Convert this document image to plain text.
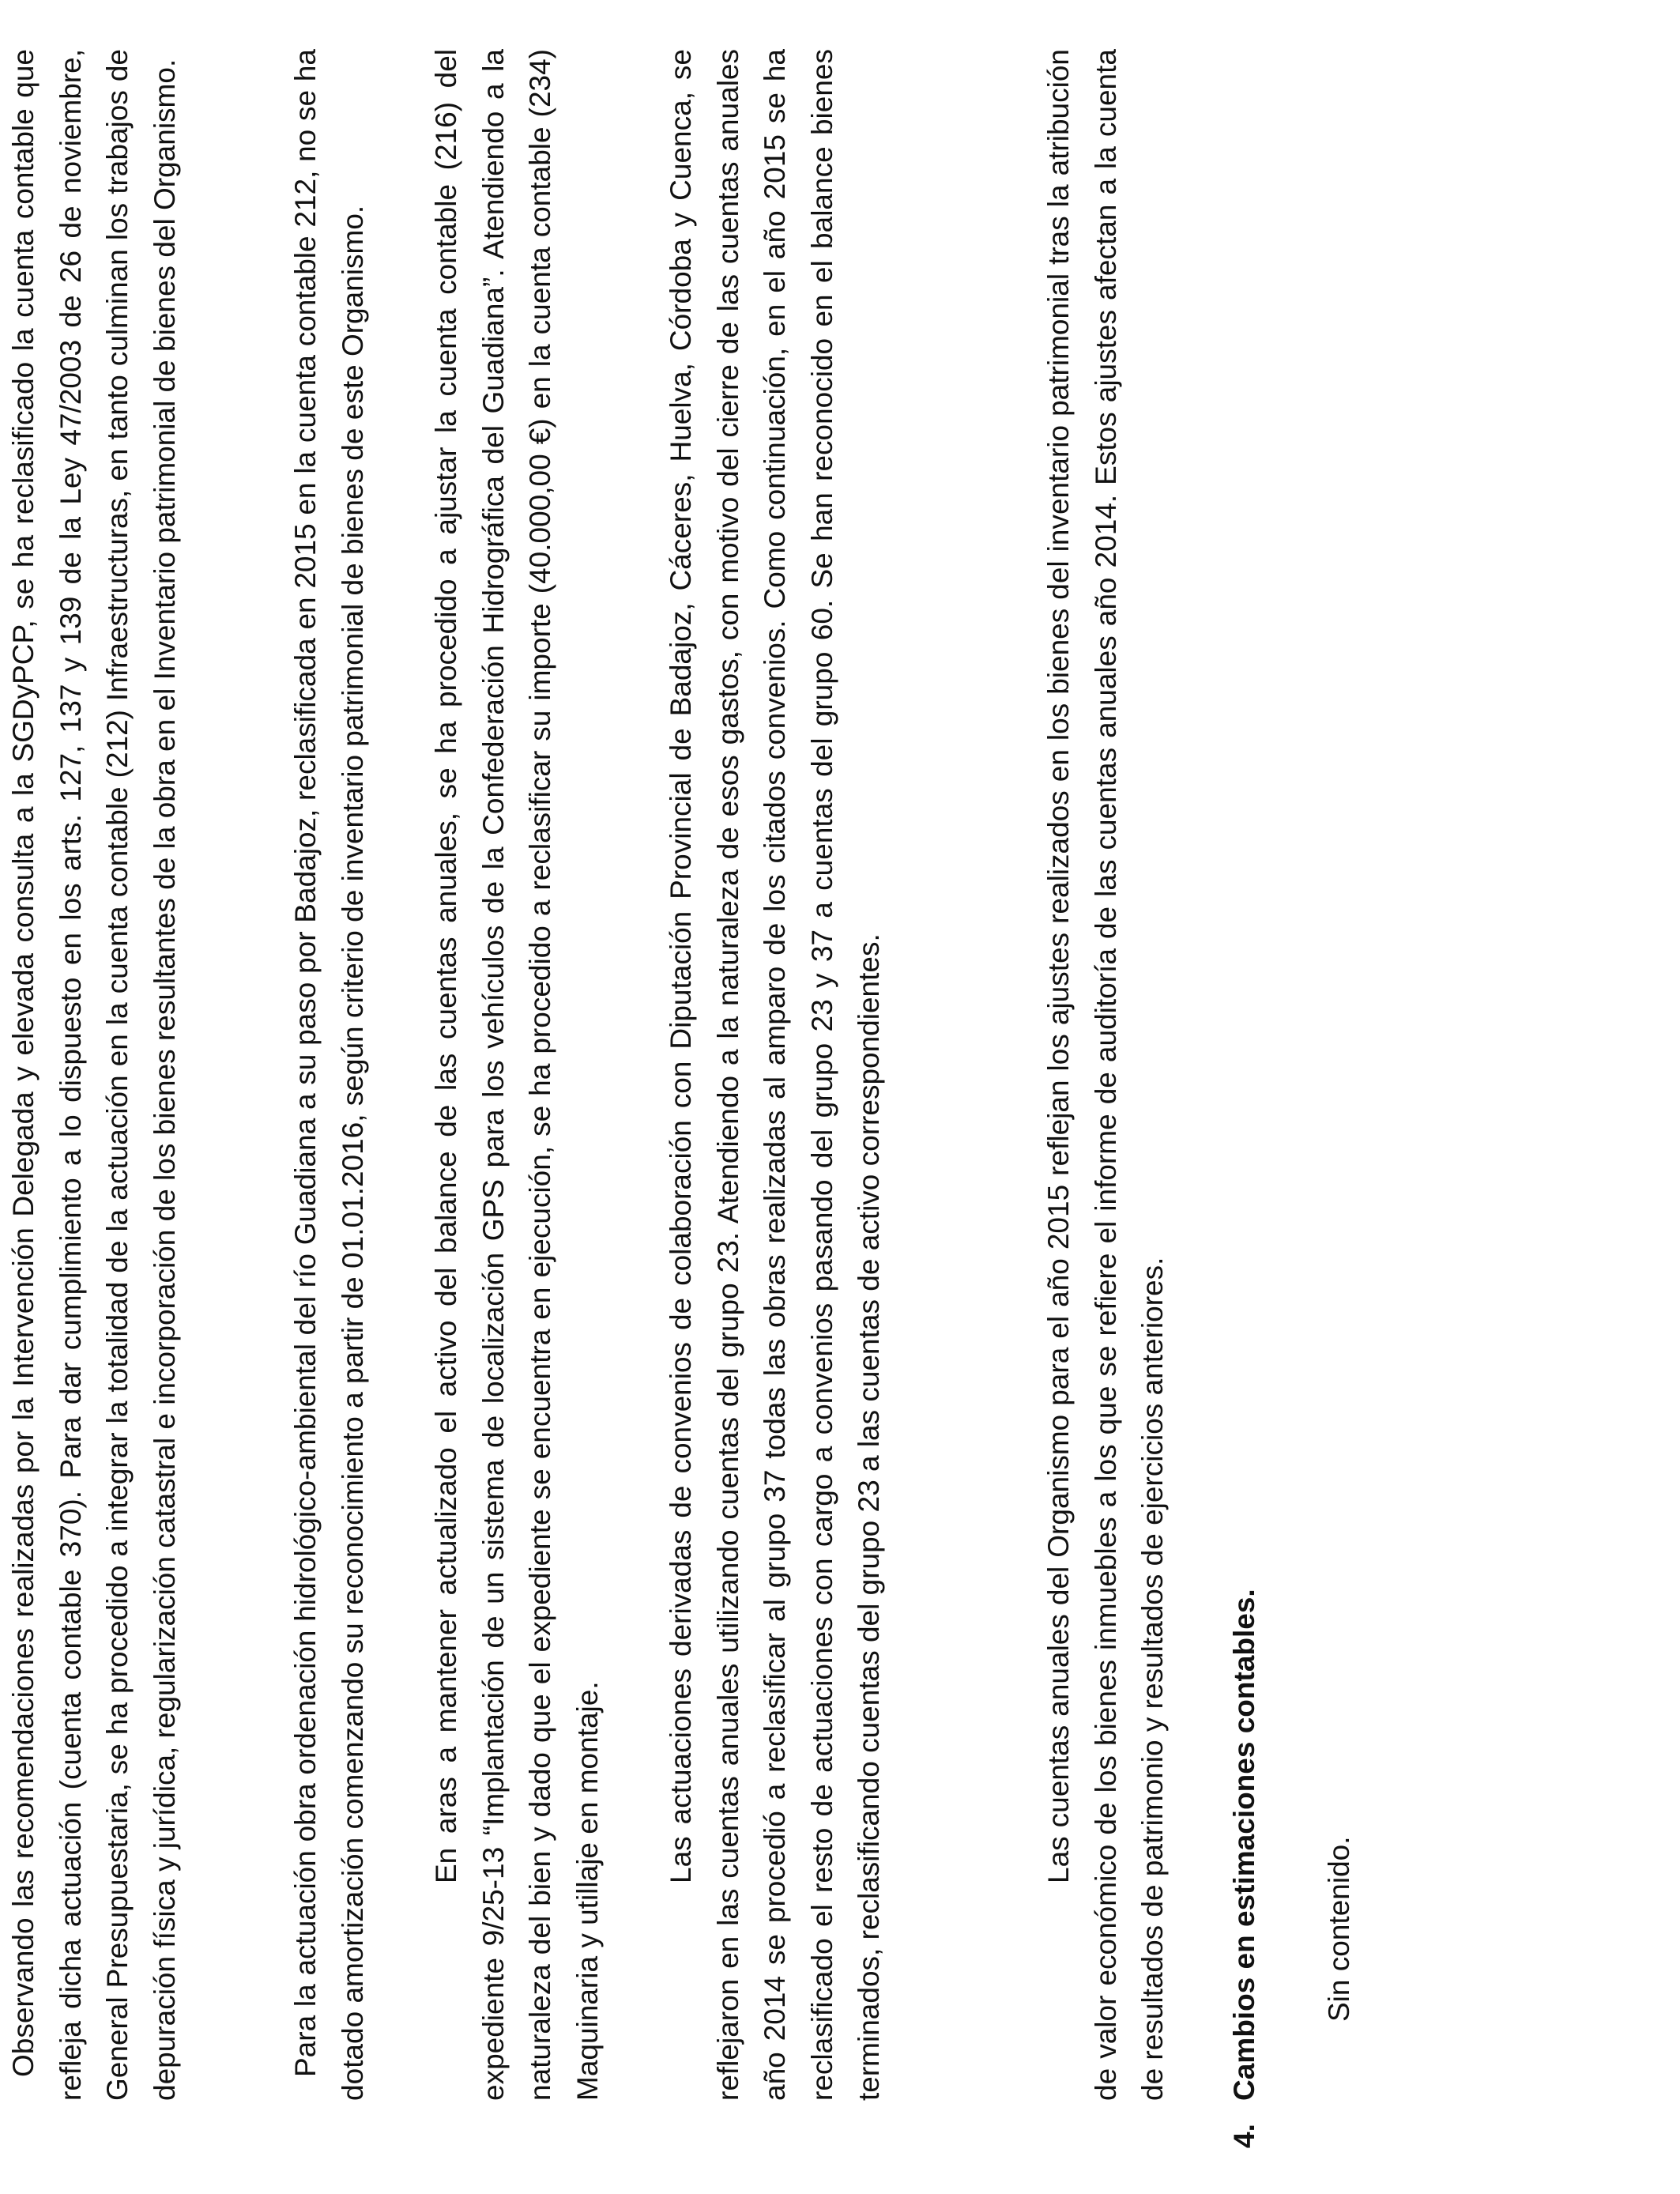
Observando las recomendaciones realizadas por la Intervención Delegada y elevada consulta a la SGDyPCP, se ha reclasificado la cuenta contable que refleja dicha actuación (cuenta contable 370). Para dar cumplimiento a lo dispuesto en los arts. 127, 137 y 139 de la Ley 47/2003 de 26 de noviembre, General Presupuestaria, se ha procedido a integrar la totalidad de la actuación en la cuenta contable (212) Infraestructuras, en tanto culminan los trabajos de depuración física y jurídica, regularización catastral e incorporación de los bienes resultantes de la obra en el Inventario patrimonial de bienes del Organismo.	Para la actuación obra ordenación hidrológico-ambiental del río Guadiana a su paso por Badajoz, reclasificada en 2015 en la cuenta contable 212, no se ha dotado amortización comenzando su reconocimiento a partir de 01.01.2016, según criterio de inventario patrimonial de bienes de este Organismo. En aras a mantener actualizado el activo del balance de las cuentas anuales, se ha procedido a ajustar la cuenta contable (216) del expediente 9/25-13 “Implantación de un sistema de localización GPS para los vehículos de la Confederación Hidrográfica del Guadiana”. Atendiendo a la naturaleza del bien y dado que el expediente se encuentra en ejecución, se ha procedido a reclasificar su importe (40.000,00 €) en la cuenta contable (234) Maquinaria y utillaje en montaje.

Las actuaciones derivadas de convenios de colaboración con Diputación Provincial de Badajoz, Cáceres, Huelva, Córdoba y Cuenca, se reflejaron en las cuentas anuales utilizando cuentas del grupo 23. Atendiendo a la naturaleza de esos gastos, con motivo del cierre de las cuentas anuales año 2014 se procedió a reclasificar al grupo 37 todas las obras realizadas al amparo de los citados convenios. Como continuación, en el año 2015 se ha reclasificado el resto de actuaciones con cargo a convenios pasando del grupo 23 y 37 a cuentas del grupo 60. Se han reconocido en el balance bienes terminados, reclasificando cuentas del grupo 23 a las cuentas de activo correspondientes.	Las cuentas anuales del Organismo para el año 2015 reflejan los ajustes realizados en los bienes del inventario patrimonial tras la atribución de valor económico de los bienes inmuebles a los que se refiere el informe de auditoría de las cuentas anuales año 2014. Estos ajustes afectan a la cuenta de resultados de patrimonio y resultados de ejercicios anteriores.

4.Cambios en estimaciones contables. Sin contenido.
